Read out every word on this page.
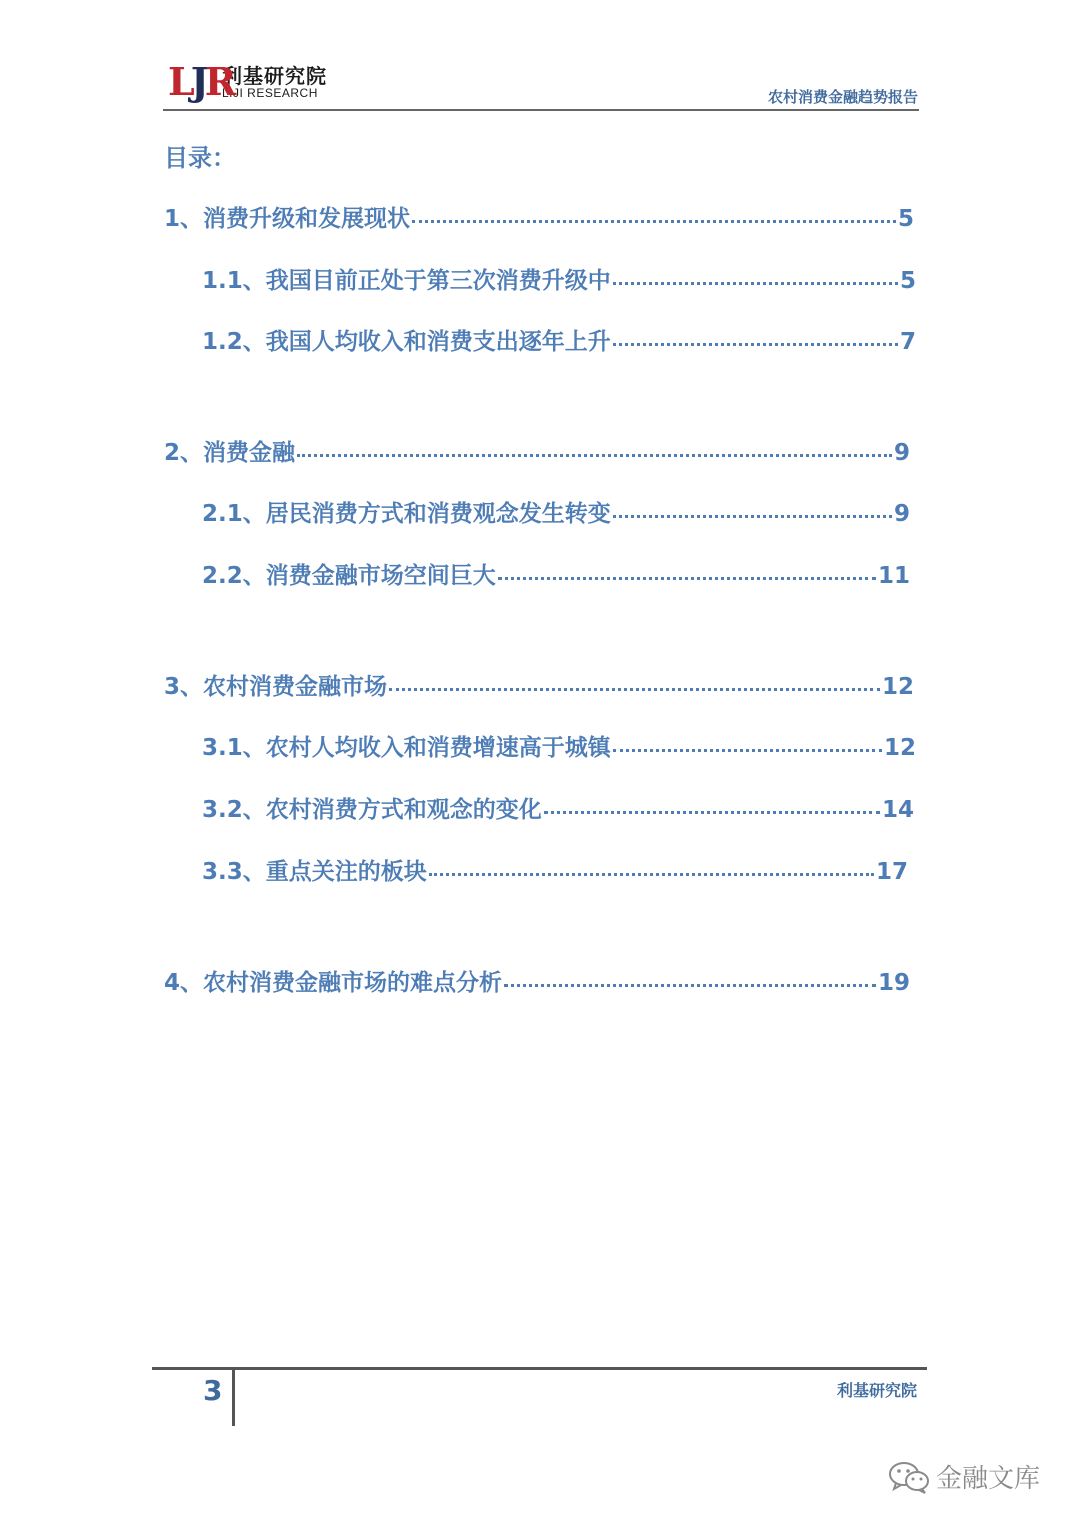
LJR
利基研究院
LIJI RESEARCH	农村消费金融趋势报告
目录：
1、消费升级和发展现状	5
1.1、我国目前正处于第三次消费升级中	5
1.2、我国人均收入和消费支出逐年上升	7
2、消费金融	9
2.1、居民消费方式和消费观念发生转变	9
2.2、消费金融市场空间巨大	11
3、农村消费金融市场	12
3.1、农村人均收入和消费增速高于城镇	12
3.2、农村消费方式和观念的变化	14
3.3、重点关注的板块	17
4、农村消费金融市场的难点分析	19
3	利基研究院
金融文库
